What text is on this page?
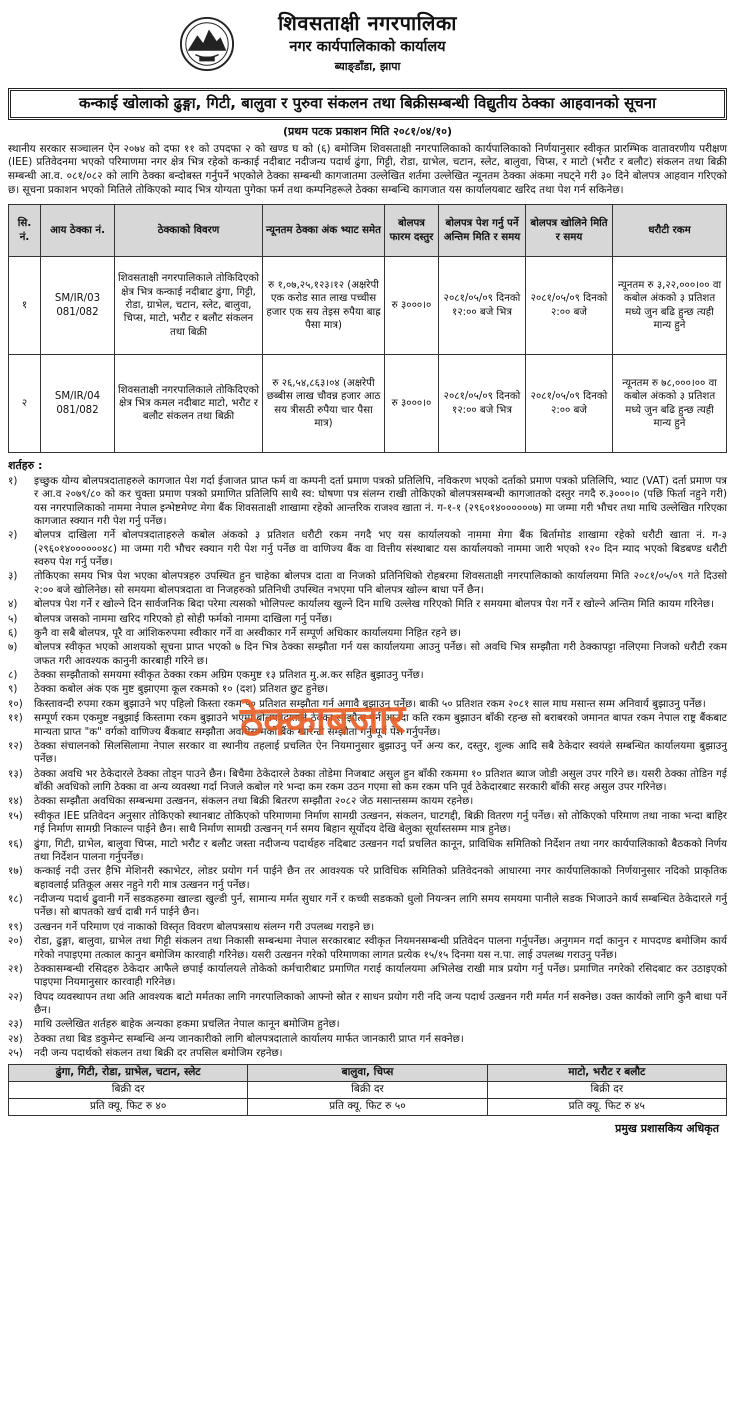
शिवसताक्षी नगरपालिका
नगर कार्यपालिकाको कार्यालय
ब्याङ्डाँडा, झापा
कन्काई खोलाको ढुङ्गा, गिटी, बालुवा र पुरुवा संकलन तथा बिक्रीसम्बन्धी विद्युतीय ठेक्का आहवानको सूचना
(प्रथम पटक प्रकाशन मिति २०८१/०४/१०)
स्थानीय सरकार सञ्चालन ऐन २०७४ को दफा ११ को उपदफा २ को खण्ड घ को (६) बमोजिम शिवसताक्षी नगरपालिकाको कार्यपालिकाको निर्णयानुसार स्वीकृत प्रारम्भिक वातावरणीय परीक्षण (IEE) प्रतिवेदनमा भएको परिमाणमा नगर क्षेत्र भित्र रहेको कन्काई नदीबाट नदीजन्य पदार्थ ढुंगा, गिट्टी, रोडा, ग्राभेल, चटान, स्लेट, बालुवा, चिप्स, र माटो (भरौट र बलौट) संकलन तथा बिक्री सम्बन्धी आ.व. ०८१/०८२ को लागि ठेक्का बन्दोबस्त गर्नुपर्ने भएकोले ठेक्का सम्बन्धी कागजातमा उल्लेखित शर्तमा उल्लेखित न्यूनतम ठेक्का अंकमा नघट्ने गरी ३० दिने बोलपत्र आहवान गरिएको छ। सूचना प्रकाशन भएको मितिले तोकिएको म्याद भित्र योग्यता पुगेका फर्म तथा कम्पनिहरूले ठेक्का सम्बन्धि कागजात यस कार्यालयबाट खरिद तथा पेश गर्न सकिनेछ।
सि. नं.	आय ठेक्का नं.	ठेक्काको विवरण	न्यूनतम ठेक्का अंक भ्याट समेत	बोलपत्र फारम दस्तुर	बोलपत्र पेश गर्नु पर्ने अन्तिम मिति र समय	बोलपत्र खोलिने मिति र समय	धरौटी रकम
१	SM/IR/03 081/082	शिवसताक्षी नगरपालिकाले तोकिदिएको क्षेत्र भित्र कन्काई नदीबाट ढुंगा, गिट्टी, रोडा, ग्राभेल, चटान, स्लेट, बालुवा, चिप्स, माटो, भरौट र बलौट संकलन तथा बिक्री	रु १,०७,२५,१२३।१२ (अक्षरेपी एक करोड सात लाख पच्चीस हजार एक सय तेइस रुपैया बाह्र पैसा मात्र)	रु ३०००।०	२०८१/०५/०९ दिनको १२:०० बजे भित्र	२०८१/०५/०९ दिनको २:०० बजे	न्यूनतम रु ३,२२,०००।०० वा कबोल अंकको ३ प्रतिशत मध्ये जुन बढि हुन्छ त्यही मान्य हुने
२	SM/IR/04 081/082	शिवसताक्षी नगरपालिकाले तोकिदिएको क्षेत्र भित्र कमल नदीबाट माटो, भरौट र बलौट संकलन तथा बिक्री	रु २६,५४,८६३।०४ (अक्षरेपी छब्बीस लाख चौवन्न हजार आठ सय त्रीसठी रुपैया चार पैसा मात्र)	रु ३०००।०	२०८१/०५/०९ दिनको १२:०० बजे भित्र	२०८१/०५/०९ दिनको २:०० बजे	न्यूनतम रु ७८,०००।०० वा कबोल अंकको ३ प्रतिशत मध्ये जुन बढि हुन्छ त्यही मान्य हुने
शर्तहरु :
१)	इच्छुक योग्य बोलपत्रदाताहरुले कागजात पेश गर्दा ईजाजत प्राप्त फर्म वा कम्पनी दर्ता प्रमाण पत्रको प्रतिलिपि, नविकरण भएको दर्ताको प्रमाण पत्रको प्रतिलिपि, भ्याट (VAT) दर्ता प्रमाण पत्र र आ.व २०७९/८० को कर चुक्ता प्रमाण पत्रको प्रमाणित प्रतिलिपि साथै स्व: घोषणा पत्र संलग्न राखी तोकिएको बोलपत्रसम्बन्धी कागजातको दस्तुर नगदै रु.३०००।० (पछि फिर्ता नहुने गरी) यस नगरपालिकाको नाममा नेपाल इन्भेष्टमेण्ट मेगा बैंक शिवसताक्षी शाखामा रहेको आन्तरिक राजश्व खाता नं. ग-१-१ (२९६०१४००००००७) मा जम्मा गरी भौचर तथा माथि उल्लेखित गरिएका कागजात स्क्यान गरी पेश गर्नु पर्नेछ।
२)	बोलपत्र दाखिला गर्ने बोलपत्रदाताहरुले कबोल अंकको ३ प्रतिशत धरौटी रकम नगदै भए यस कार्यालयको नाममा मेगा बैंक बिर्तामोड शाखामा रहेको धरौटी खाता नं. ग-३ (२९६०१४००००००४८) मा जम्मा गरी भौचर स्क्यान गरी पेश गर्नु पर्नेछ वा वाणिज्य बैंक वा वित्तीय संस्थाबाट यस कार्यालयको नाममा जारी भएको १२० दिन म्याद भएको बिडबण्ड धरौटी स्वरुप पेश गर्नु पर्नेछ।
३)	तोकिएका समय भित्र पेश भएका बोलपत्रहरु उपस्थित हुन चाहेका बोलपत्र दाता वा निजको प्रतिनिधिको रोहबरमा शिवसताक्षी नगरपालिकाको कार्यालयमा मिति २०८१/०५/०९ गते दिउसो २:०० बजे खोलिनेछ। सो समयमा बोलपत्रदाता वा निजहरुको प्रतिनिधी उपस्थित नभएमा पनि बोलपत्र खोल्न बाधा पर्ने छैन।
४)	बोलपत्र पेश गर्ने र खोल्ने दिन सार्वजनिक बिदा परेमा त्यसको भोलिपल्ट कार्यालय खुल्ने दिन माथि उल्लेख गरिएको मिति र समयमा बोलपत्र पेश गर्ने र खोल्ने अन्तिम मिति कायम गरिनेछ।
५)	बोलपत्र जसको नाममा खरिद गरिएको हो सोही फर्मको नाममा दाखिला गर्नु पर्नेछ।
६)	कुनै वा सबै बोलपत्र, पूरै वा आंशिकरुपमा स्वीकार गर्ने वा अस्वीकार गर्ने सम्पूर्ण अधिकार कार्यालयमा निहित रहने छ।
७)	बोलपत्र स्वीकृत भएको आशयको सूचना प्राप्त भएको ७ दिन भित्र ठेक्का सम्झौता गर्न यस कार्यालयमा आउनु पर्नेछ। सो अवधि भित्र सम्झौता गरी ठेक्कापट्टा नलिएमा निजको धरौटी रकम जफत गरी आवश्यक कानुनी कारबाही गरिने छ।
८)	ठेक्का सम्झौताको समयमा स्वीकृत ठेक्का रकम अग्रिम एकमुष्ट १३ प्रतिशत मु.अ.कर सहित बुझाउनु पर्नेछ।
९)	ठेक्का कबोल अंक एक मुष्ट बुझाएमा कूल रकमको १० (दश) प्रतिशत छुट हुनेछ।
१०)	किस्तावन्दी रुपमा रकम बुझाउने भए पहिलो किस्ता रकम ५० प्रतिशत सम्झौता गर्न अगावै बुझाउनु पर्नेछ। बाकी ५० प्रतिशत रकम २०८१ साल माघ मसान्त सम्म अनिवार्य बुझाउनु पर्नेछ।
११)	सम्पूर्ण रकम एकमुष्ट नबुझाई किस्तामा रकम बुझाउने भएमा बोलपत्रदाताले ठेक्का सम्झौता गर्न आउदा कति रकम बुझाउन बाँकी रहन्छ सो बराबरको जमानत बापत रकम नेपाल राष्ट्र बैंकबाट मान्यता प्राप्त "क" वर्गको वाणिज्य बैंकबाट सम्झौता अवधिसम्मको बैंक ग्यारेन्टी सम्झौता गर्नु पूर्व पेश गर्नुपर्नेछ।
१२)	ठेक्का संचालनको सिलसिलामा नेपाल सरकार वा स्थानीय तहलाई प्रचलित ऐन नियमानुसार बुझाउनु पर्ने अन्य कर, दस्तुर, शुल्क आदि सबै ठेकेदार स्वयंले सम्बन्धित कार्यालयमा बुझाउनु पर्नेछ।
१३)	ठेक्का अवधि भर ठेकेदारले ठेक्का तोड्न पाउने छैन। बिचैमा ठेकेदारले ठेक्का तोडेमा निजबाट असुल हुन बाँकी रकममा १० प्रतिशत ब्याज जोडी असुल उपर गरिने छ। यसरी ठेक्का तोडिन गई बाँकी अवधिको लागि ठेक्का वा अन्य व्यवस्था गर्दा निजले कबोल गरे भन्दा कम रकम उठन गएमा सो कम रकम पनि पूर्व ठेकेदारबाट सरकारी बाँकी सरह असुल उपर गरिनेछ।
१४)	ठेक्का सम्झौता अवधिका सम्बन्धमा उत्खनन, संकलन तथा बिक्री बितरण सम्झौता २०८२ जेठ मसान्तसम्म कायम रहनेछ।
१५)	स्वीकृत IEE प्रतिवेदन अनुसार तोकिएको स्थानबाट तोकिएको परिमाणमा निर्माण सामग्री उत्खनन, संकलन, घाटगद्दी, बिक्री वितरण गर्नु पर्नेछ। सो तोकिएको परिमाण तथा नाका भन्दा बाहिर गई निर्माण सामग्री निकाल्न पाईने छैन। साथै निर्माण सामग्री उत्खनन् गर्न समय बिहान सूर्योदय देखि बेलुका सूर्यास्तसम्म मात्र हुनेछ।
१६)	ढुंगा, गिटी, ग्राभेल, बालुवा चिप्स, माटो भरौट र बलौट जस्ता नदीजन्य पदार्थहरु नदिबाट उत्खनन गर्दा प्रचलित कानून, प्राविधिक समितिको निर्देशन तथा नगर कार्यपालिकाको बैठकको निर्णय तथा निर्देशन पालना गर्नुपर्नेछ।
१७)	कन्काई नदी उत्तर हैभि मेशिनरी स्काभेटर, लोडर प्रयोग गर्न पाईने छैन तर आवश्यक परे प्राविधिक समितिको प्रतिवेदनको आधारमा नगर कार्यपालिकाको निर्णयानुसार नदिको प्राकृतिक बहावलाई प्रतिकूल असर नहुने गरी मात्र उत्खनन गर्नु पर्नेछ।
१८)	नदीजन्य पदार्थ ढुवानी गर्ने सडकहरुमा खाल्डा खुल्डी पुर्न, सामान्य मर्मत सुधार गर्ने र कच्ची सडकको धुलो नियन्त्रन लागि समय समयमा पानीले सडक भिजाउने कार्य सम्बन्धित ठेकेदारले गर्नु पर्नेछ। सो बापतको खर्च दाबी गर्न पाईने छैन।
१९)	उत्खनन गर्ने परिमाण एवं नाकाको विस्तृत विवरण बोलपत्रसाथ संलग्न गरी उपलब्ध गराइने छ।
२०)	रोडा, ढुङ्गा, बालुवा, ग्राभेल तथा गिट्टी संकलन तथा निकासी सम्बन्धमा नेपाल सरकारबाट स्वीकृत नियमनसम्बन्धी प्रतिवेदन पालना गर्नुपर्नेछ। अनुगमन गर्दा कानुन र मापदण्ड बमोजिम कार्य गरेको नपाइएमा तत्काल कानुन बमोजिम कारवाही गरिनेछ। यसरी उत्खनन गरेको परिमाणका लागत प्रत्येक १५/१५ दिनमा यस न.पा. लाई उपलब्ध गराउनु पर्नेछ।
२१)	ठेक्कासम्बन्धी रसिदहरु ठेकेदार आफैले छपाई कार्यालयले तोकेको कर्मचारीबाट प्रमाणित गराई कार्यालयमा अभिलेख राखी मात्र प्रयोग गर्नु पर्नेछ। प्रमाणित नगरेको रसिदबाट कर उठाइएको पाइएमा नियमानुसार कारवाही गरिनेछ।
२२)	विपद व्यवस्थापन तथा अति आवश्यक बाटो मर्मतका लागि नगरपालिकाको आफ्नो स्रोत र साधन प्रयोग गरी नदि जन्य पदार्थ उत्खनन गरी मर्मत गर्न सक्नेछ। उक्त कार्यको लागि कुनै बाधा पर्ने छैन।
२३)	माथि उल्लेखित शर्तहरु बाहेक अन्यका हकमा प्रचलित नेपाल कानून बमोजिम हुनेछ।
२४)	ठेक्का तथा बिड डकुमेन्ट सम्बन्धि अन्य जानकारीको लागि बोलपत्रदाताले कार्यालय मार्फत जानकारी प्राप्त गर्न सक्नेछ।
२५)	नदी जन्य पदार्थको संकलन तथा बिक्री दर तपसिल बमोजिम रहनेछ।
ढुंगा, गिटी, रोडा, ग्राभेल, चटान, स्लेट	बालुवा, चिप्स	माटो, भरौट र बलौट
बिक्री दर	बिक्री दर	बिक्री दर
प्रति क्यू. फिट रु ४०	प्रति क्यू. फिट रु ५०	प्रति क्यू. फिट रु ४५
प्रमुख प्रशासकिय अधिकृत
ठेक्काबजार
